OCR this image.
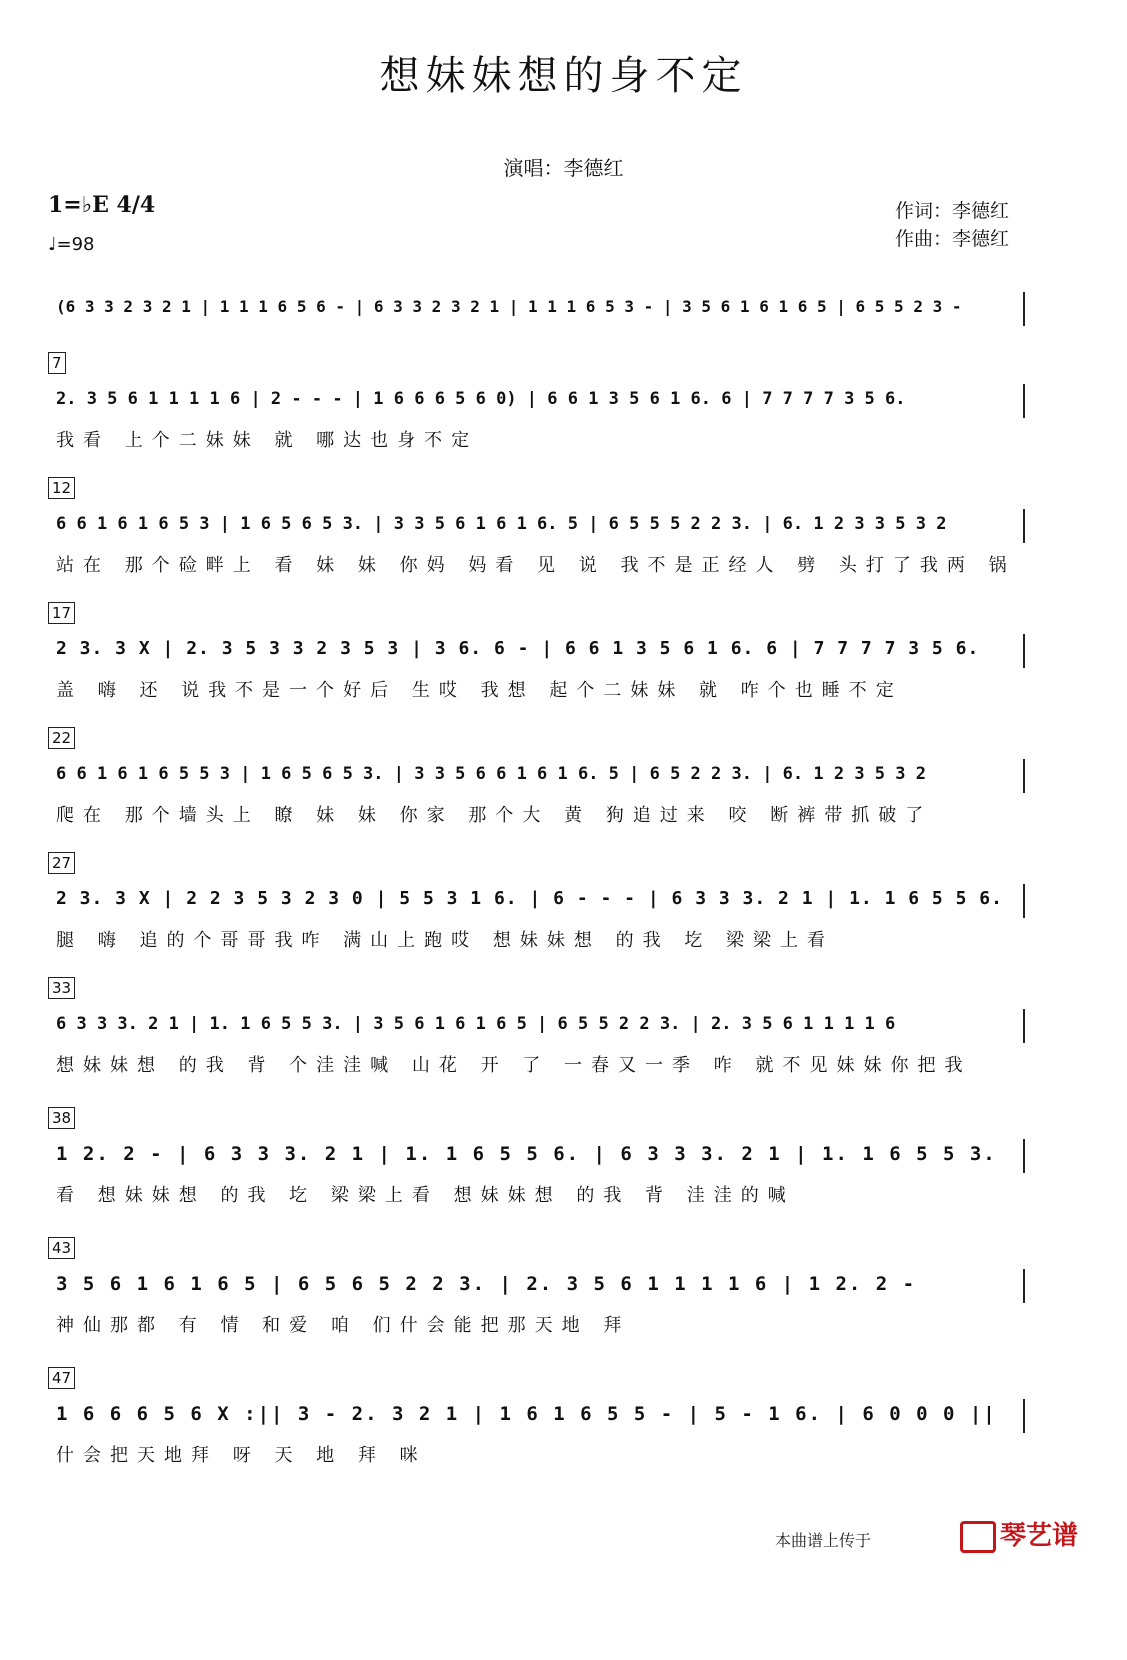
想妹妹想的身不定
演唱：李德红
1=♭E 4/4
♩=98
作词：李德红
作曲：李德红
(6 3 3 2 3 2 1 | 1 1 1 6 5 6 - | 6 3 3 2 3 2 1 | 1 1 1 6 5 3 - | 3 5 6 1 6 1 6 5 | 6 5 5 2 3 -
7
2. 3 5 6 1 1 1 1 6 | 2 - - - | 1 6 6 6 5 6 0) | 6 6 1 3 5 6 1 6. 6 | 7 7 7 7 3 5 6.
我看 上个二妹妹 就 哪达也身不定
12
6 6 1 6 1 6 5 3 | 1 6 5 6 5 3. | 3 3 5 6 1 6 1 6. 5 | 6 5 5 5 2 2 3. | 6. 1 2 3 3 5 3 2
站在 那个硷畔上 看 妹 妹 你妈 妈看 见 说 我不是正经人 劈 头打了我两 锅
17
2 3. 3 X | 2. 3 5 3 3 2 3 5 3 | 3 6. 6 - | 6 6 1 3 5 6 1 6. 6 | 7 7 7 7 3 5 6.
盖 嗨 还 说我不是一个好后 生哎 我想 起个二妹妹 就 咋个也睡不定
22
6 6 1 6 1 6 5 5 3 | 1 6 5 6 5 3. | 3 3 5 6 6 1 6 1 6. 5 | 6 5 2 2 3. | 6. 1 2 3 5 3 2
爬在 那个墙头上 瞭 妹 妹 你家 那个大 黄 狗追过来 咬 断裤带抓破了
27
2 3. 3 X | 2 2 3 5 3 2 3 0 | 5 5 3 1 6. | 6 - - - | 6 3 3 3. 2 1 | 1. 1 6 5 5 6.
腿 嗨 追的个哥哥我咋 满山上跑哎 想妹妹想 的我 圪 梁梁上看
33
6 3 3 3. 2 1 | 1. 1 6 5 5 3. | 3 5 6 1 6 1 6 5 | 6 5 5 2 2 3. | 2. 3 5 6 1 1 1 1 6
想妹妹想 的我 背 个洼洼喊 山花 开 了 一春又一季 咋 就不见妹妹你把我
38
1 2. 2 - | 6 3 3 3. 2 1 | 1. 1 6 5 5 6. | 6 3 3 3. 2 1 | 1. 1 6 5 5 3.
看 想妹妹想 的我 圪 梁梁上看 想妹妹想 的我 背 洼洼的喊
43
3 5 6 1 6 1 6 5 | 6 5 6 5 2 2 3. | 2. 3 5 6 1 1 1 1 6 | 1 2. 2 -
神仙那都 有 情 和爱 咱 们什会能把那天地 拜
47
1 6 6 6 5 6 X :|| 3 - 2. 3 2 1 | 1 6 1 6 5 5 - | 5 - 1 6. | 6 0 0 0 ||
什会把天地拜 呀 天 地 拜 咪
本曲谱上传于	琴艺谱
